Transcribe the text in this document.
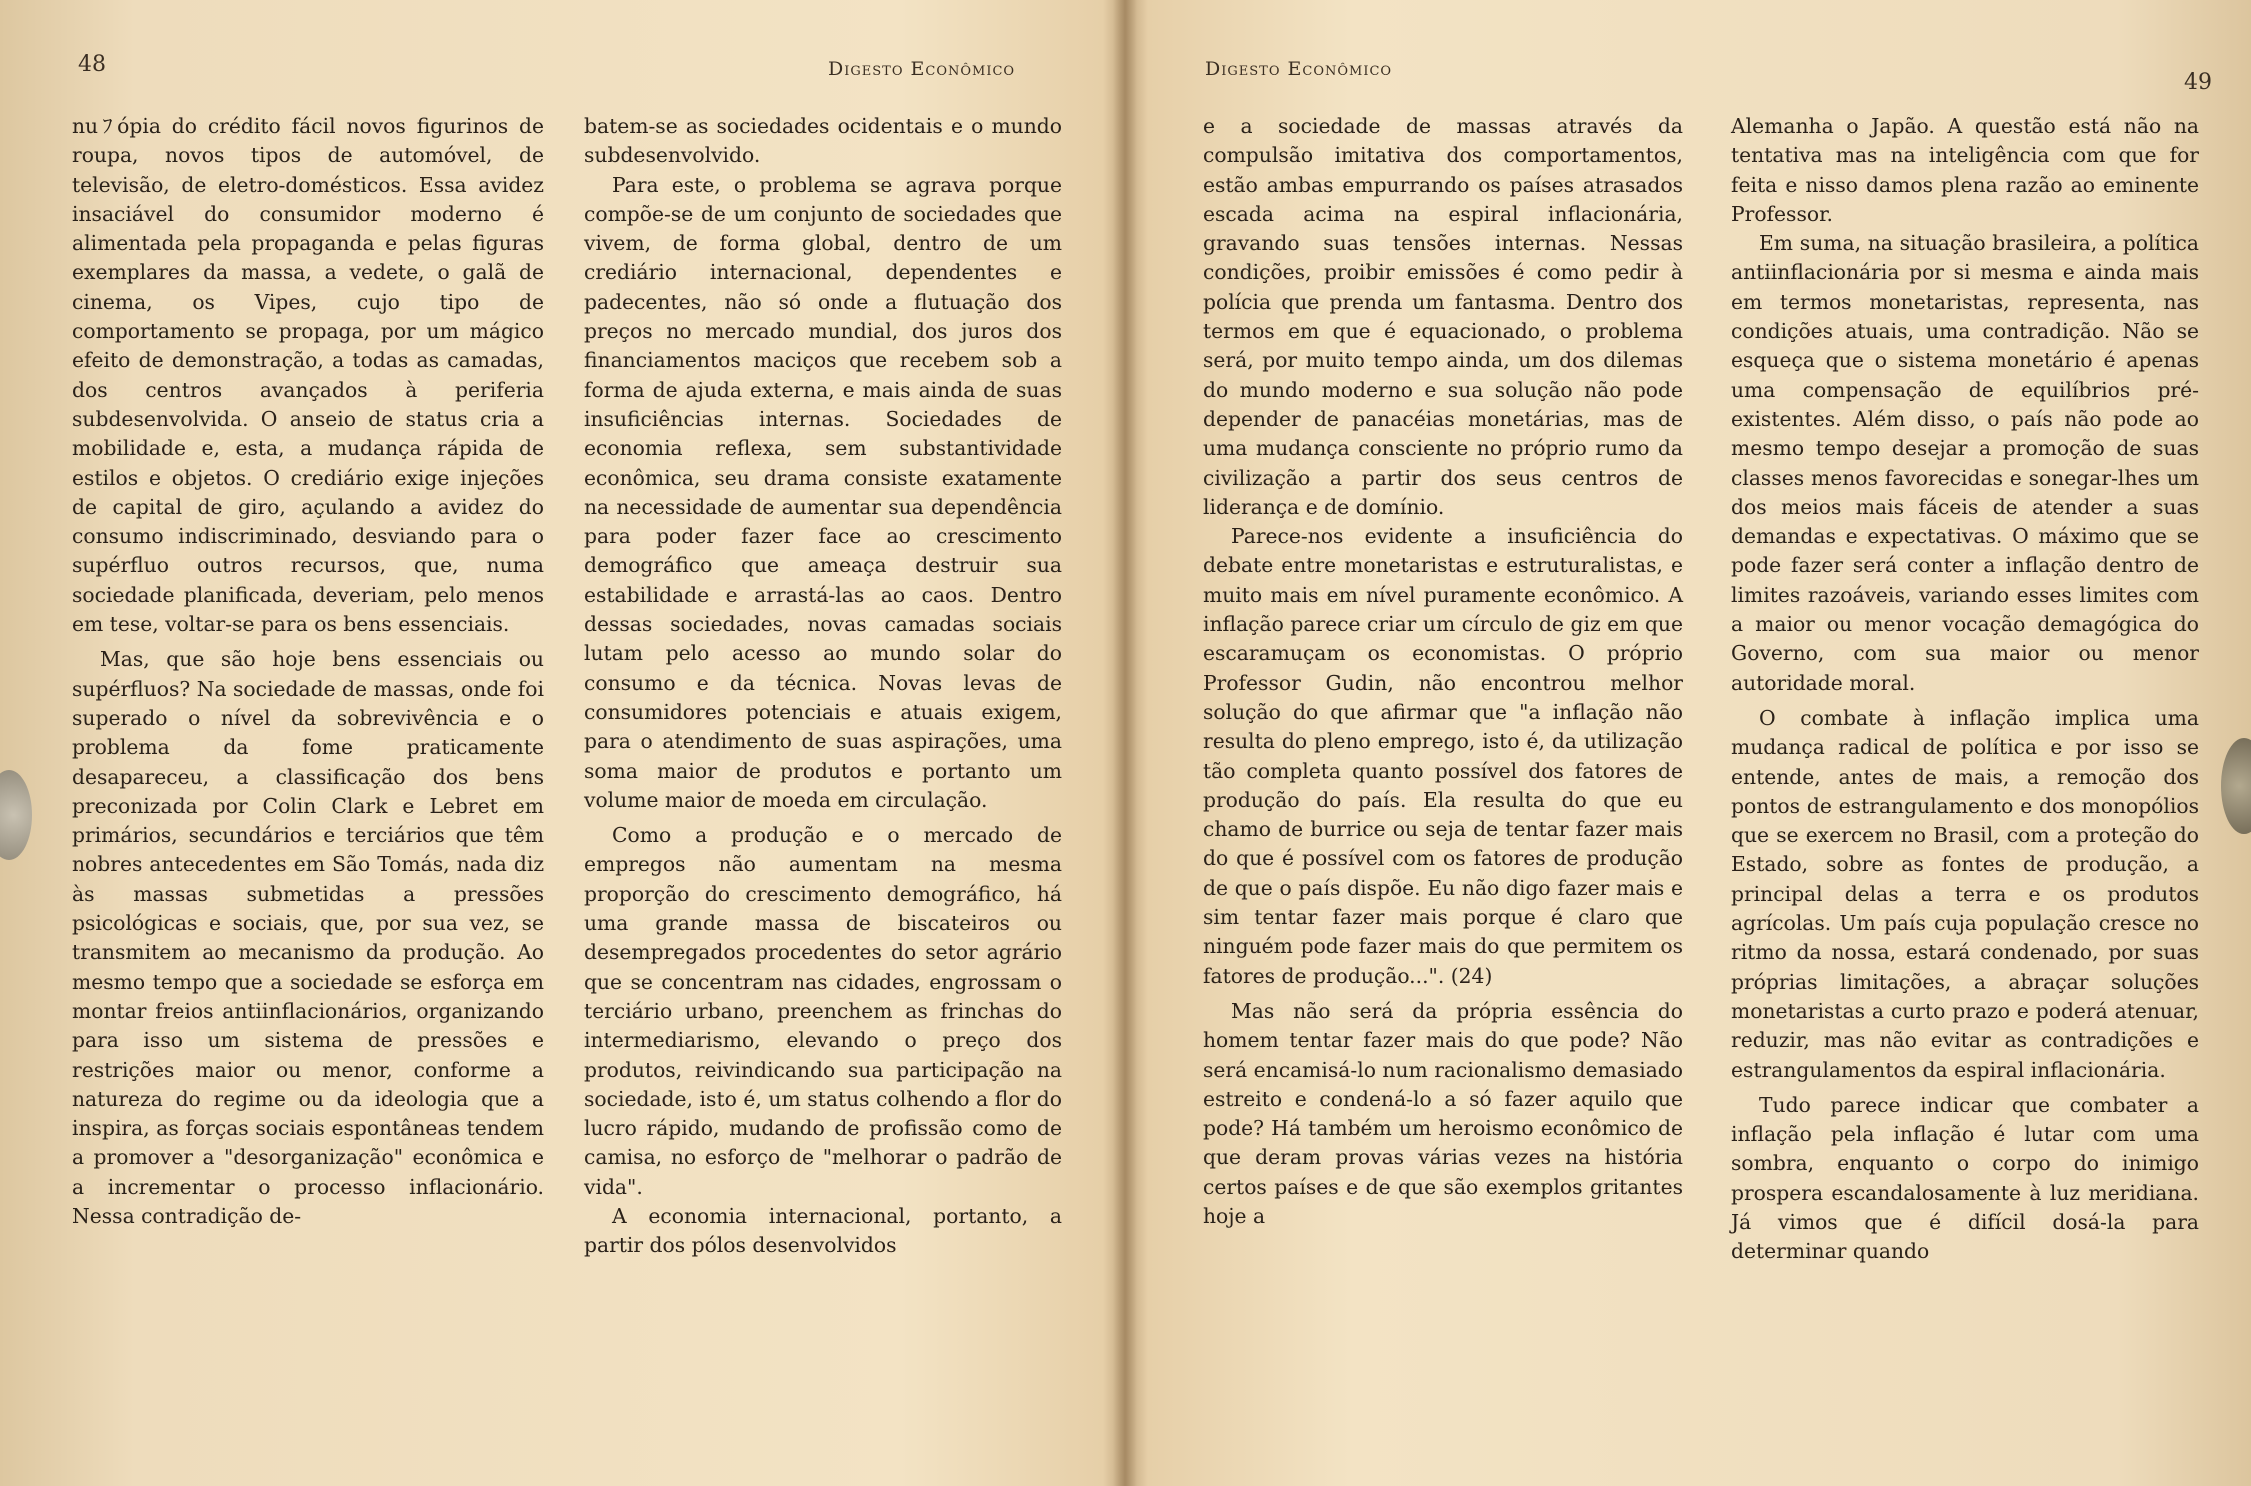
48	Digesto Econômico

nuﾌópia do crédito fácil novos figurinos de roupa, novos tipos de automóvel, de televisão, de eletro-domésticos. Essa avidez insaciável do consumidor moderno é alimentada pela propaganda e pelas figuras exemplares da massa, a vedete, o galã de cinema, os Vipes, cujo tipo de comportamento se propaga, por um mágico efeito de demonstração, a todas as camadas, dos centros avançados à periferia subdesenvolvida. O anseio de status cria a mobilidade e, esta, a mudança rápida de estilos e objetos. O crediário exige injeções de capital de giro, açulando a avidez do consumo indiscriminado, desviando para o supérfluo outros recursos, que, numa sociedade planificada, deveriam, pelo menos em tese, voltar-se para os bens essenciais.

Mas, que são hoje bens essenciais ou supérfluos? Na sociedade de massas, onde foi superado o nível da sobrevivência e o problema da fome praticamente desapareceu, a classificação dos bens preconizada por Colin Clark e Lebret em primários, secundários e terciários que têm nobres antecedentes em São Tomás, nada diz às massas submetidas a pressões psicológicas e sociais, que, por sua vez, se transmitem ao mecanismo da produção. Ao mesmo tempo que a sociedade se esforça em montar freios antiinflacionários, organizando para isso um sistema de pressões e restrições maior ou menor, conforme a natureza do regime ou da ideologia que a inspira, as forças sociais espontâneas tendem a promover a "desorganização" econômica e a incrementar o processo inflacionário. Nessa contradição de-

batem-se as sociedades ocidentais e o mundo subdesenvolvido.

Para este, o problema se agrava porque compõe-se de um conjunto de sociedades que vivem, de forma global, dentro de um crediário internacional, dependentes e padecentes, não só onde a flutuação dos preços no mercado mundial, dos juros dos financiamentos maciços que recebem sob a forma de ajuda externa, e mais ainda de suas insuficiências internas. Sociedades de economia reflexa, sem substantividade econômica, seu drama consiste exatamente na necessidade de aumentar sua dependência para poder fazer face ao crescimento demográfico que ameaça destruir sua estabilidade e arrastá-las ao caos. Dentro dessas sociedades, novas camadas sociais lutam pelo acesso ao mundo solar do consumo e da técnica. Novas levas de consumidores potenciais e atuais exigem, para o atendimento de suas aspirações, uma soma maior de produtos e portanto um volume maior de moeda em circulação.

Como a produção e o mercado de empregos não aumentam na mesma proporção do crescimento demográfico, há uma grande massa de biscateiros ou desempregados procedentes do setor agrário que se concentram nas cidades, engrossam o terciário urbano, preenchem as frinchas do intermediarismo, elevando o preço dos produtos, reivindicando sua participação na sociedade, isto é, um status colhendo a flor do lucro rápido, mudando de profissão como de camisa, no esforço de "melhorar o padrão de vida".

A economia internacional, portanto, a partir dos pólos desenvolvidos

Digesto Econômico
49

e a sociedade de massas através da compulsão imitativa dos comportamentos, estão ambas empurrando os países atrasados escada acima na espiral inflacionária, gravando suas tensões internas. Nessas condições, proibir emissões é como pedir à polícia que prenda um fantasma. Dentro dos termos em que é equacionado, o problema será, por muito tempo ainda, um dos dilemas do mundo moderno e sua solução não pode depender de panacéias monetárias, mas de uma mudança consciente no próprio rumo da civilização a partir dos seus centros de liderança e de domínio.

Parece-nos evidente a insuficiência do debate entre monetaristas e estruturalistas, e muito mais em nível puramente econômico. A inflação parece criar um círculo de giz em que escaramuçam os economistas. O próprio Professor Gudin, não encontrou melhor solução do que afirmar que "a inflação não resulta do pleno emprego, isto é, da utilização tão completa quanto possível dos fatores de produção do país. Ela resulta do que eu chamo de burrice ou seja de tentar fazer mais do que é possível com os fatores de produção de que o país dispõe. Eu não digo fazer mais e sim tentar fazer mais porque é claro que ninguém pode fazer mais do que permitem os fatores de produção...". (24)

Mas não será da própria essência do homem tentar fazer mais do que pode? Não será encamisá-lo num racionalismo demasiado estreito e condená-lo a só fazer aquilo que pode? Há também um heroismo econômico de que deram provas várias vezes na história certos países e de que são exemplos gritantes hoje a

Alemanha o Japão. A questão está não na tentativa mas na inteligência com que for feita e nisso damos plena razão ao eminente Professor.

Em suma, na situação brasileira, a política antiinflacionária por si mesma e ainda mais em termos monetaristas, representa, nas condições atuais, uma contradição. Não se esqueça que o sistema monetário é apenas uma compensação de equilíbrios pré-existentes. Além disso, o país não pode ao mesmo tempo desejar a promoção de suas classes menos favorecidas e sonegar-lhes um dos meios mais fáceis de atender a suas demandas e expectativas. O máximo que se pode fazer será conter a inflação dentro de limites razoáveis, variando esses limites com a maior ou menor vocação demagógica do Governo, com sua maior ou menor autoridade moral.

O combate à inflação implica uma mudança radical de política e por isso se entende, antes de mais, a remoção dos pontos de estrangulamento e dos monopólios que se exercem no Brasil, com a proteção do Estado, sobre as fontes de produção, a principal delas a terra e os produtos agrícolas. Um país cuja população cresce no ritmo da nossa, estará condenado, por suas próprias limitações, a abraçar soluções monetaristas a curto prazo e poderá atenuar, reduzir, mas não evitar as contradições e estrangulamentos da espiral inflacionária.

Tudo parece indicar que combater a inflação pela inflação é lutar com uma sombra, enquanto o corpo do inimigo prospera escandalosamente à luz meridiana. Já vimos que é difícil dosá-la para determinar quando
